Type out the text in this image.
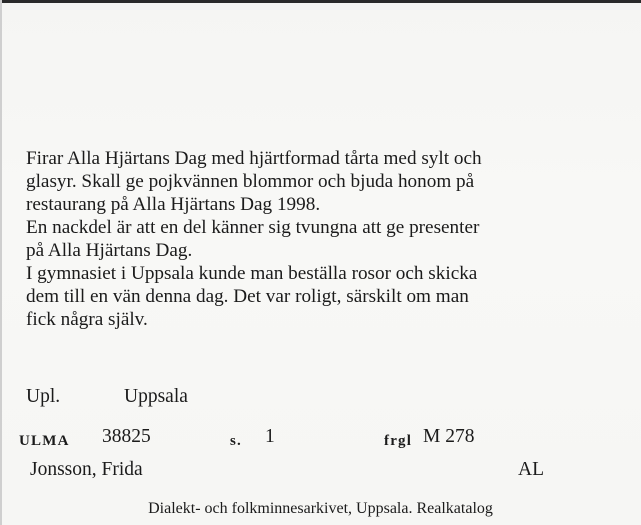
Firar Alla Hjärtans Dag med hjärtformad tårta med sylt och
glasyr. Skall ge pojkvännen blommor och bjuda honom på
restaurang på Alla Hjärtans Dag 1998.
En nackdel är att en del känner sig tvungna att ge presenter
på Alla Hjärtans Dag.
I gymnasiet i Uppsala kunde man beställa rosor och skicka
dem till en vän denna dag. Det var roligt, särskilt om man
fick några själv.
Upl.	Uppsala
ULMA 38825	s. 1	frgl M 278
Jonsson, Frida	AL
Dialekt- och folkminnesarkivet, Uppsala. Realkatalog
